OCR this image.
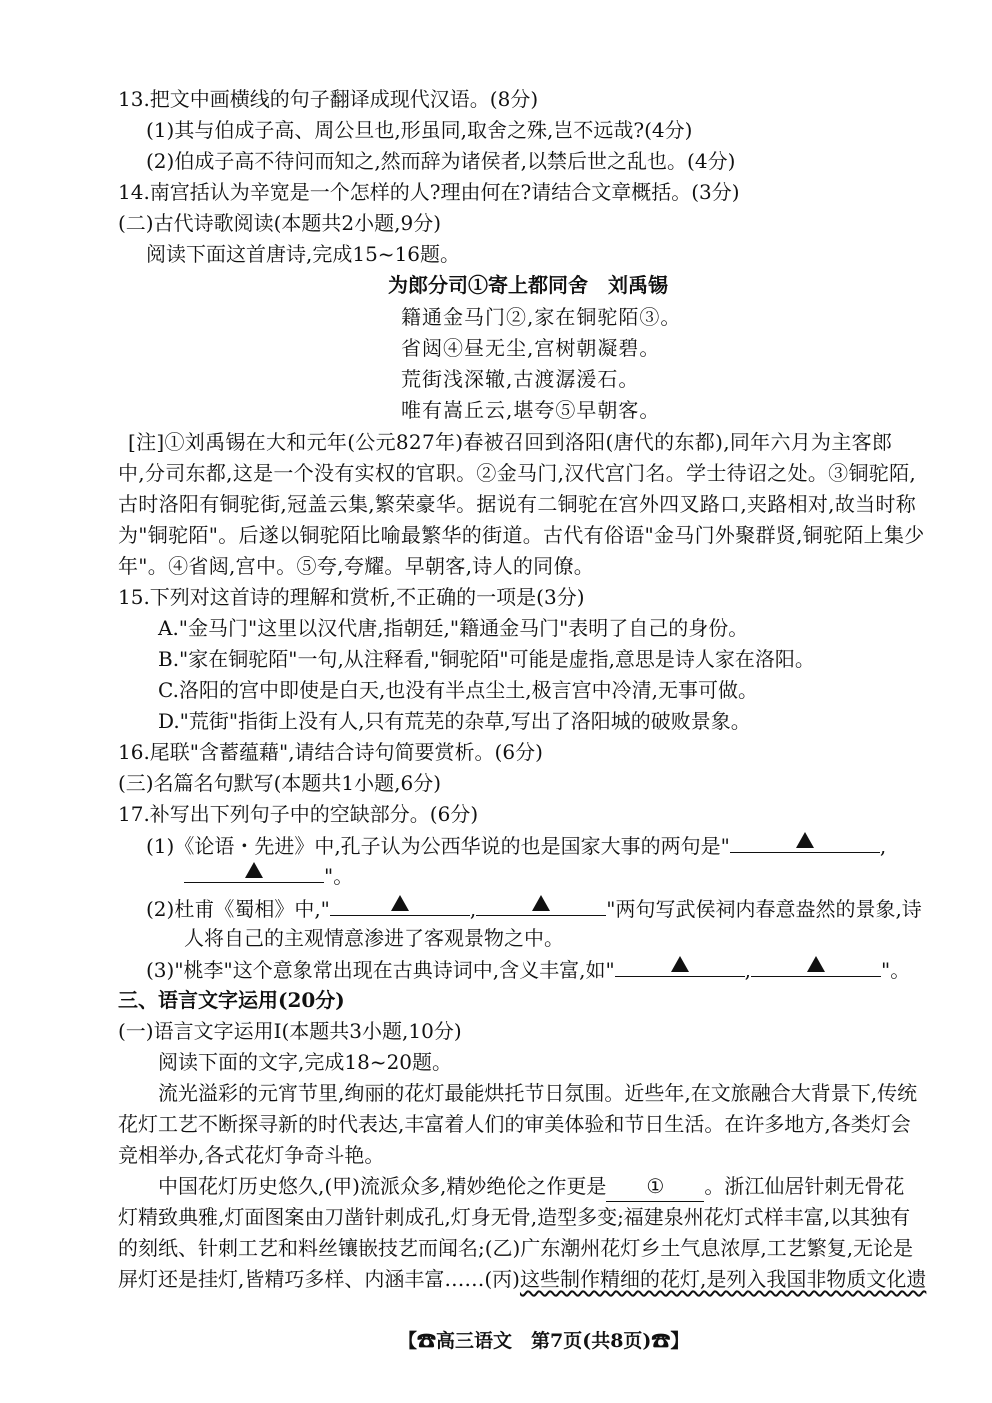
13.把文中画横线的句子翻译成现代汉语。(8分)
(1)其与伯成子高、周公旦也,形虽同,取舍之殊,岂不远哉?(4分)
(2)伯成子高不待问而知之,然而辞为诸侯者,以禁后世之乱也。(4分)
14.南宫括认为辛宽是一个怎样的人?理由何在?请结合文章概括。(3分)
(二)古代诗歌阅读(本题共2小题,9分)
阅读下面这首唐诗,完成15~16题。
为郎分司①寄上都同舍　刘禹锡
籍通金马门②,家在铜驼陌③。
省闼④昼无尘,宫树朝凝碧。
荒街浅深辙,古渡潺湲石。
唯有嵩丘云,堪夸⑤早朝客。
[注]①刘禹锡在大和元年(公元827年)春被召回到洛阳(唐代的东都),同年六月为主客郎
中,分司东都,这是一个没有实权的官职。②金马门,汉代宫门名。学士待诏之处。③铜驼陌,
古时洛阳有铜驼街,冠盖云集,繁荣豪华。据说有二铜驼在宫外四叉路口,夹路相对,故当时称
为"铜驼陌"。后遂以铜驼陌比喻最繁华的街道。古代有俗语"金马门外聚群贤,铜驼陌上集少
年"。④省闼,宫中。⑤夸,夸耀。早朝客,诗人的同僚。
15.下列对这首诗的理解和赏析,不正确的一项是(3分)
A."金马门"这里以汉代唐,指朝廷,"籍通金马门"表明了自己的身份。
B."家在铜驼陌"一句,从注释看,"铜驼陌"可能是虚指,意思是诗人家在洛阳。
C.洛阳的宫中即使是白天,也没有半点尘土,极言宫中冷清,无事可做。
D."荒街"指街上没有人,只有荒芜的杂草,写出了洛阳城的破败景象。
16.尾联"含蓄蕴藉",请结合诗句简要赏析。(6分)
(三)名篇名句默写(本题共1小题,6分)
17.补写出下列句子中的空缺部分。(6分)
(1)《论语・先进》中,孔子认为公西华说的也是国家大事的两句是"	,
"。
(2)杜甫《蜀相》中,"	,	"两句写武侯祠内春意盎然的景象,诗
人将自己的主观情意渗进了客观景物之中。
(3)"桃李"这个意象常出现在古典诗词中,含义丰富,如"	,	"。
三、语言文字运用(20分)
(一)语言文字运用Ⅰ(本题共3小题,10分)
阅读下面的文字,完成18~20题。
流光溢彩的元宵节里,绚丽的花灯最能烘托节日氛围。近些年,在文旅融合大背景下,传统
花灯工艺不断探寻新的时代表达,丰富着人们的审美体验和节日生活。在许多地方,各类灯会
竞相举办,各式花灯争奇斗艳。
中国花灯历史悠久,(甲)流派众多,精妙绝伦之作更是 ① 。浙江仙居针刺无骨花
灯精致典雅,灯面图案由刀凿针刺成孔,灯身无骨,造型多变;福建泉州花灯式样丰富,以其独有
的刻纸、针刺工艺和料丝镶嵌技艺而闻名;(乙)广东潮州花灯乡土气息浓厚,工艺繁复,无论是
屏灯还是挂灯,皆精巧多样、内涵丰富……(丙)这些制作精细的花灯,是列入我国非物质文化遗
【☎高三语文　第7页(共8页)☎】
